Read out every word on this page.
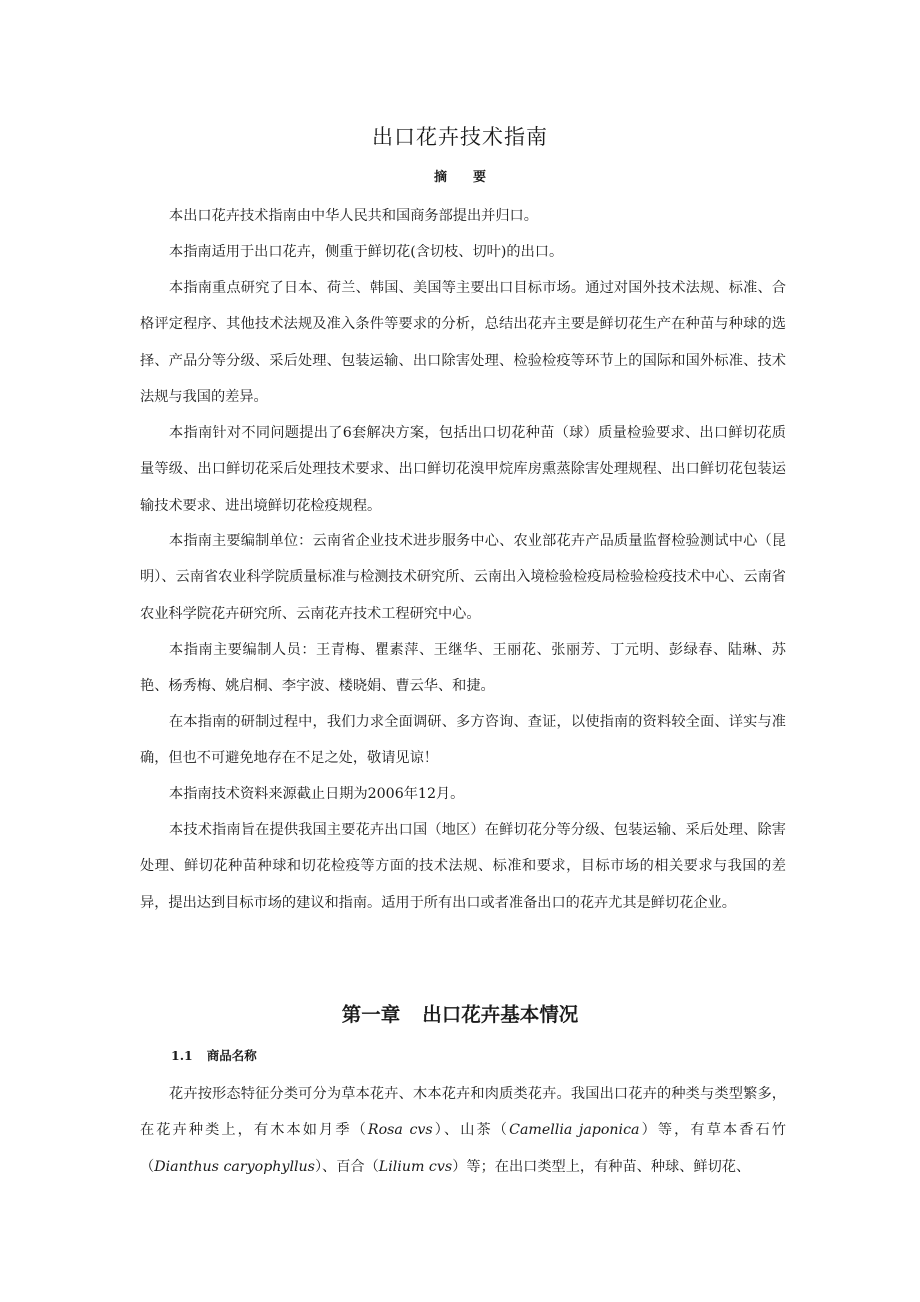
出口花卉技术指南
摘 要

本出口花卉技术指南由中华人民共和国商务部提出并归口。

本指南适用于出口花卉，侧重于鲜切花(含切枝、切叶)的出口。

本指南重点研究了日本、荷兰、韩国、美国等主要出口目标市场。通过对国外技术法规、标准、合格评定程序、其他技术法规及准入条件等要求的分析，总结出花卉主要是鲜切花生产在种苗与种球的选择、产品分等分级、采后处理、包装运输、出口除害处理、检验检疫等环节上的国际和国外标准、技术法规与我国的差异。

本指南针对不同问题提出了6套解决方案，包括出口切花种苗（球）质量检验要求、出口鲜切花质量等级、出口鲜切花采后处理技术要求、出口鲜切花溴甲烷库房熏蒸除害处理规程、出口鲜切花包装运输技术要求、进出境鲜切花检疫规程。

本指南主要编制单位：云南省企业技术进步服务中心、农业部花卉产品质量监督检验测试中心（昆明）、云南省农业科学院质量标准与检测技术研究所、云南出入境检验检疫局检验检疫技术中心、云南省农业科学院花卉研究所、云南花卉技术工程研究中心。

本指南主要编制人员：王青梅、瞿素萍、王继华、王丽花、张丽芳、丁元明、彭绿春、陆琳、苏艳、杨秀梅、姚启桐、李宇波、楼晓娟、曹云华、和捷。

在本指南的研制过程中，我们力求全面调研、多方咨询、查证，以使指南的资料较全面、详实与准确，但也不可避免地存在不足之处，敬请见谅！

本指南技术资料来源截止日期为2006年12月。

本技术指南旨在提供我国主要花卉出口国（地区）在鲜切花分等分级、包装运输、采后处理、除害处理、鲜切花种苗种球和切花检疫等方面的技术法规、标准和要求，目标市场的相关要求与我国的差异，提出达到目标市场的建议和指南。适用于所有出口或者准备出口的花卉尤其是鲜切花企业。

第一章 出口花卉基本情况
1.1 商品名称

花卉按形态特征分类可分为草本花卉、木本花卉和肉质类花卉。我国出口花卉的种类与类型繁多，在花卉种类上，有木本如月季（Rosa cvs）、山茶（Camellia japonica）等，有草本香石竹（Dianthus caryophyllus）、百合（Lilium cvs）等；在出口类型上，有种苗、种球、鲜切花、
